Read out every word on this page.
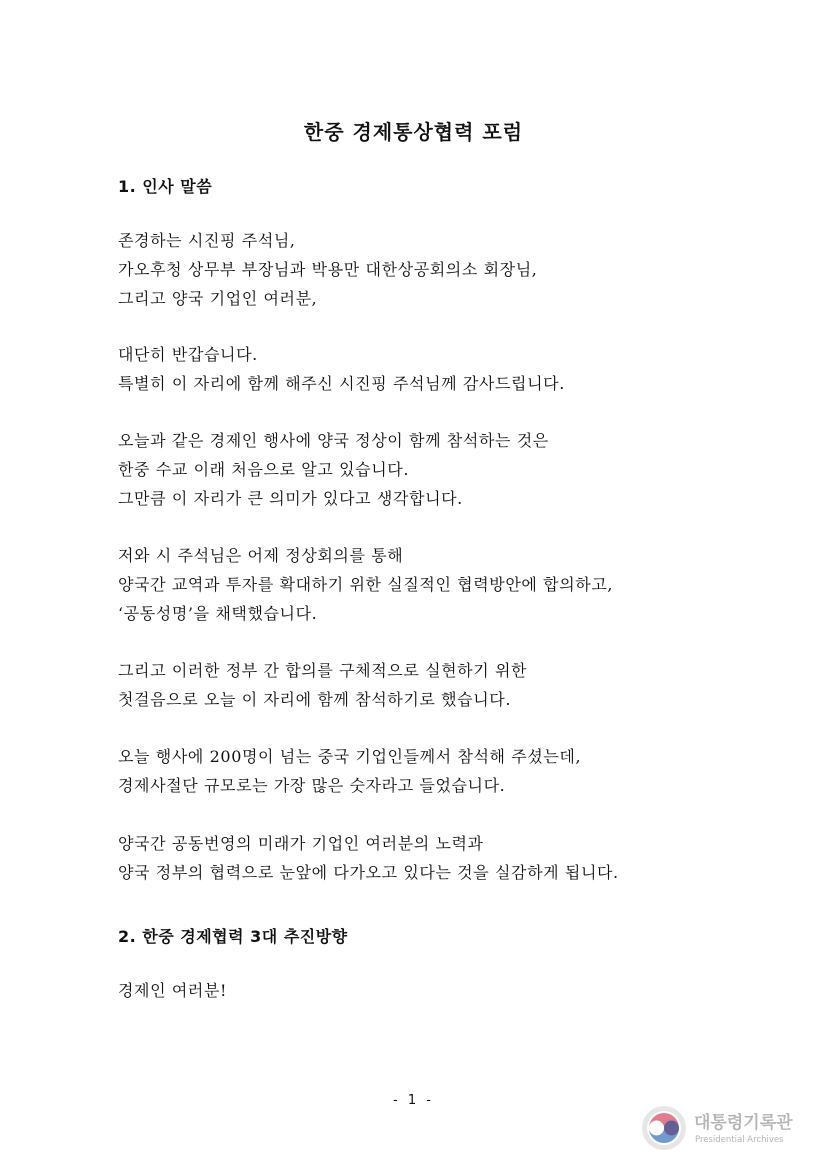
한중 경제통상협력 포럼
1. 인사 말씀
존경하는 시진핑 주석님,
가오후청 상무부 부장님과 박용만 대한상공회의소 회장님,
그리고 양국 기업인 여러분,
대단히 반갑습니다.
특별히 이 자리에 함께 해주신 시진핑 주석님께 감사드립니다.
오늘과 같은 경제인 행사에 양국 정상이 함께 참석하는 것은
한중 수교 이래 처음으로 알고 있습니다.
그만큼 이 자리가 큰 의미가 있다고 생각합니다.
저와 시 주석님은 어제 정상회의를 통해
양국간 교역과 투자를 확대하기 위한 실질적인 협력방안에 합의하고,
‘공동성명’을 채택했습니다.
그리고 이러한 정부 간 합의를 구체적으로 실현하기 위한
첫걸음으로 오늘 이 자리에 함께 참석하기로 했습니다.
오늘 행사에 200명이 넘는 중국 기업인들께서 참석해 주셨는데,
경제사절단 규모로는 가장 많은 숫자라고 들었습니다.
양국간 공동번영의 미래가 기업인 여러분의 노력과
양국 정부의 협력으로 눈앞에 다가오고 있다는 것을 실감하게 됩니다.
2. 한중 경제협력 3대 추진방향
경제인 여러분!
- 1 -
대통령기록관
Presidential Archives
